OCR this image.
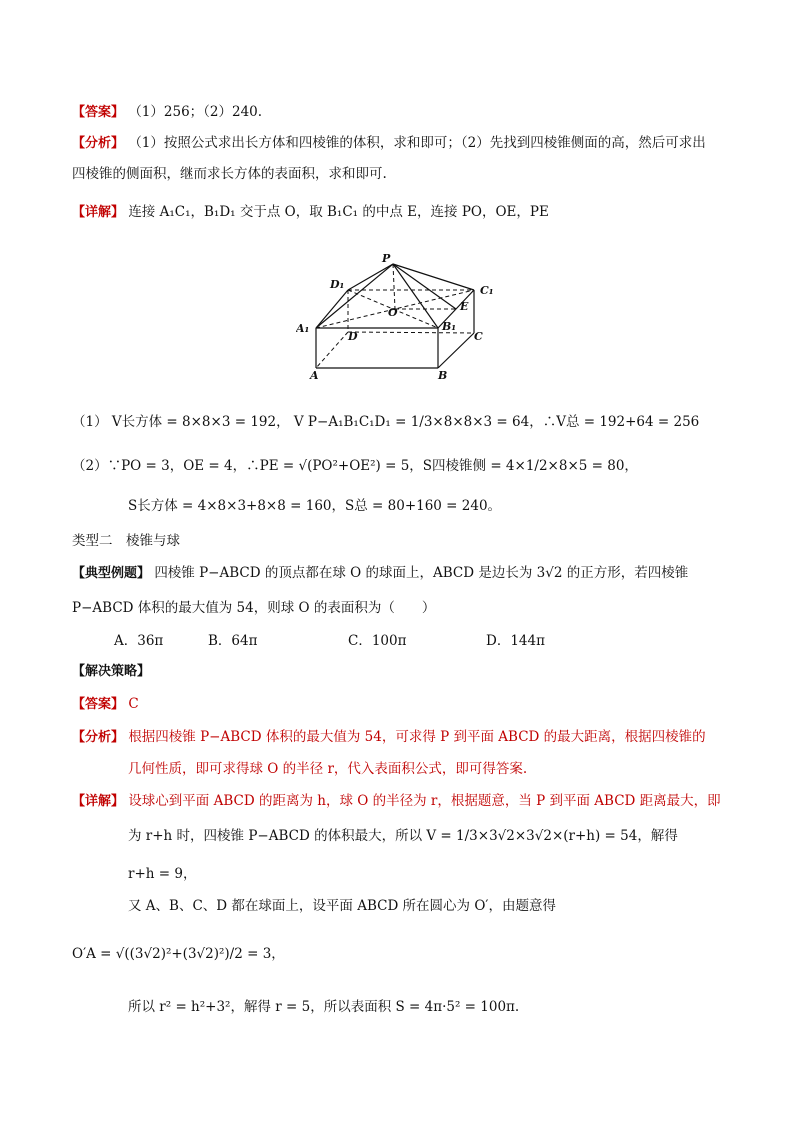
【答案】 （1）256；（2）240.
【分析】 （1）按照公式求出长方体和四棱锥的体积，求和即可；（2）先找到四棱锥侧面的高，然后可求出
四棱锥的侧面积，继而求长方体的表面积，求和即可.
【详解】 连接 A₁C₁，B₁D₁ 交于点 O，取 B₁C₁ 的中点 E，连接 PO，OE，PE
P
D₁	C₁
E
O
A₁	B₁
D	C
A	B
（1） V长方体 = 8×8×3 = 192， V P−A₁B₁C₁D₁ = 1/3×8×8×3 = 64，∴V总 = 192+64 = 256
（2）∵PO = 3，OE = 4，∴PE = √(PO²+OE²) = 5，S四棱锥侧 = 4×1/2×8×5 = 80，
S长方体 = 4×8×3+8×8 = 160，S总 = 80+160 = 240。
类型二　棱锥与球
【典型例题】 四棱锥 P−ABCD 的顶点都在球 O 的球面上，ABCD 是边长为 3√2 的正方形，若四棱锥
P−ABCD 体积的最大值为 54，则球 O 的表面积为（　　）
A．36π	B．64π	C．100π	D．144π
【解决策略】
【答案】 C
【分析】 根据四棱锥 P−ABCD 体积的最大值为 54，可求得 P 到平面 ABCD 的最大距离，根据四棱锥的
几何性质，即可求得球 O 的半径 r，代入表面积公式，即可得答案.
【详解】 设球心到平面 ABCD 的距离为 h，球 O 的半径为 r，根据题意，当 P 到平面 ABCD 距离最大，即
为 r+h 时，四棱锥 P−ABCD 的体积最大，所以 V = 1/3×3√2×3√2×(r+h) = 54，解得
r+h = 9，
又 A、B、C、D 都在球面上，设平面 ABCD 所在圆心为 O′，由题意得
O′A = √((3√2)²+(3√2)²)/2 = 3，
所以 r² = h²+3²，解得 r = 5，所以表面积 S = 4π·5² = 100π.
